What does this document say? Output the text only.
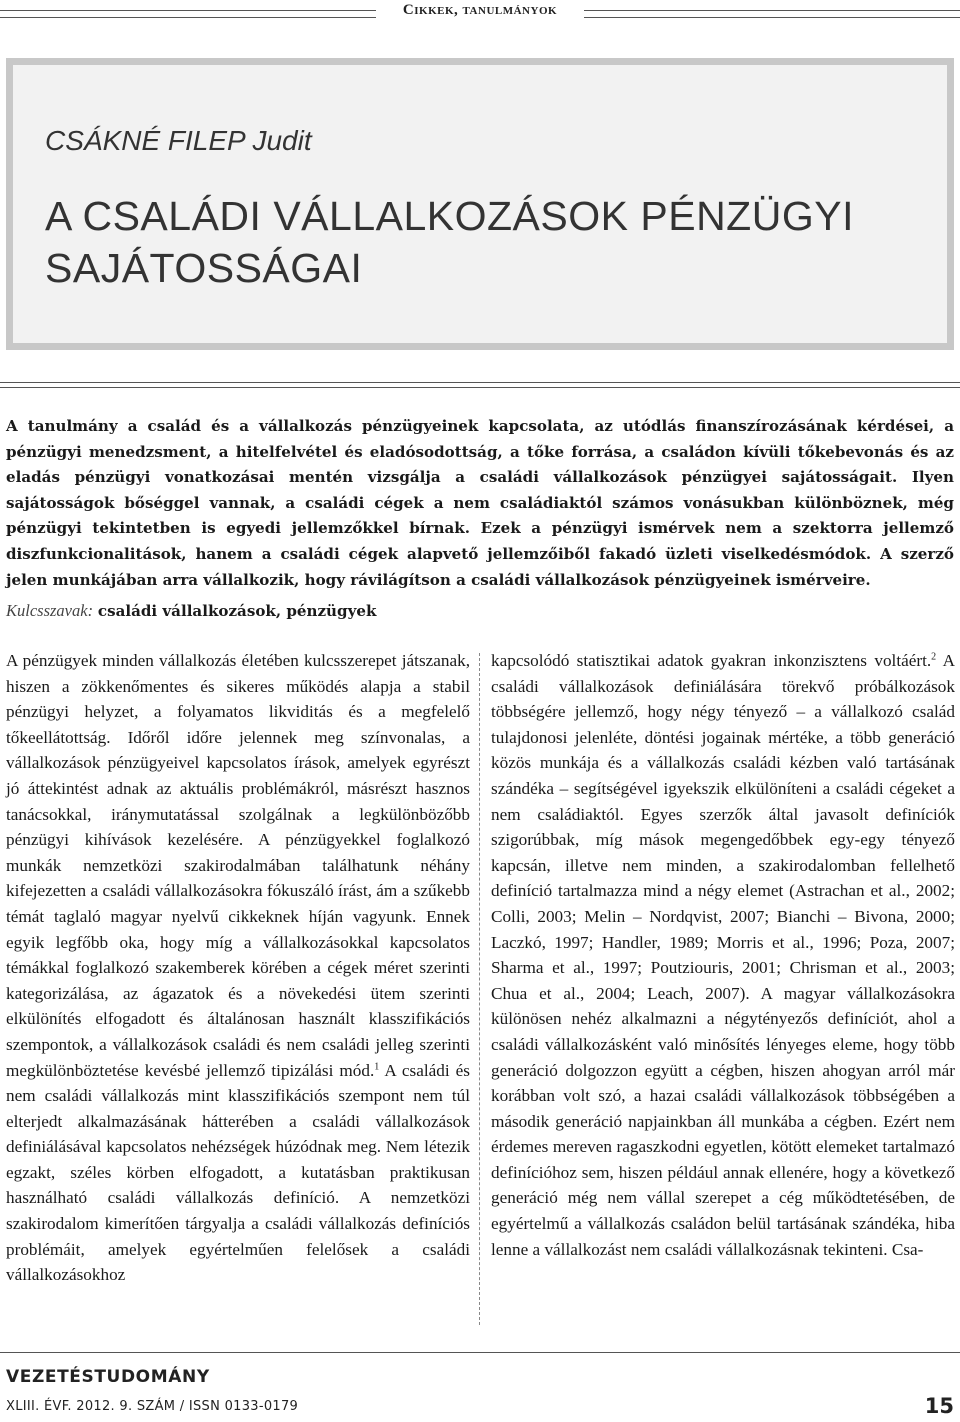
Cikkek, tanulmányok
CSÁKNÉ FILEP Judit
A CSALÁDI VÁLLALKOZÁSOK PÉNZÜGYI SAJÁTOSSÁGAI

A tanulmány a család és a vállalkozás pénzügyeinek kapcsolata, az utódlás finanszírozásának kérdései, a pénzügyi menedzsment, a hitelfelvétel és eladósodottság, a tőke forrása, a családon kívüli tőkebevonás és az eladás pénzügyi vonatkozásai mentén vizsgálja a családi vállalkozások pénzügyei sajátosságait. Ilyen sajátosságok bőséggel vannak, a családi cégek a nem családiaktól számos vonásukban különböznek, még pénzügyi tekintetben is egyedi jellemzőkkel bírnak. Ezek a pénzügyi ismérvek nem a szektorra jellemző diszfunkcionalitások, hanem a családi cégek alapvető jellemzőiből fakadó üzleti viselkedésmódok. A szerző jelen munkájában arra vállalkozik, hogy rávilágítson a családi vállalkozások pénzügyeinek ismérveire.

Kulcsszavak: családi vállalkozások, pénzügyek

A pénzügyek minden vállalkozás életében kulcsszerepet játszanak, hiszen a zökkenőmentes és sikeres működés alapja a stabil pénzügyi helyzet, a folyamatos likviditás és a megfelelő tőkeellátottság. Időről időre jelennek meg színvonalas, a vállalkozások pénzügyeivel kapcsolatos írások, amelyek egyrészt jó áttekintést adnak az aktuális problémákról, másrészt hasznos tanácsokkal, iránymutatással szolgálnak a legkülönbözőbb pénzügyi kihívások kezelésére. A pénzügyekkel foglalkozó munkák nemzetközi szakirodalmában találhatunk néhány kifejezetten a családi vállalkozásokra fókuszáló írást, ám a szűkebb témát taglaló magyar nyelvű cikkeknek híján vagyunk. Ennek egyik legfőbb oka, hogy míg a vállalkozásokkal kapcsolatos témákkal foglalkozó szakemberek körében a cégek méret szerinti kategorizálása, az ágazatok és a növekedési ütem szerinti elkülönítés elfogadott és általánosan használt klasszifikációs szempontok, a vállalkozások családi és nem családi jelleg szerinti megkülönböztetése kevésbé jellemző tipizálási mód.$^1$ A családi és nem családi vállalkozás mint klasszifikációs szempont nem túl elterjedt alkalmazásának hátterében a családi vállalkozások definiálásával kapcsolatos nehézségek húzódnak meg. Nem létezik egzakt, széles körben elfogadott, a kutatásban praktikusan használható családi vállalkozás definíció. A nemzetközi szakirodalom kimerítően tárgyalja a családi vállalkozás definíciós problémáit, amelyek egyértelműen felelősek a családi vállalkozásokhoz
kapcsolódó statisztikai adatok gyakran inkonzisztens voltáért.$^2$ A családi vállalkozások definiálására törekvő próbálkozások többségére jellemző, hogy négy tényező – a vállalkozó család tulajdonosi jelenléte, döntési jogainak mértéke, a több generáció közös munkája és a vállalkozás családi kézben való tartásának szándéka – segítségével igyekszik elkülöníteni a családi cégeket a nem családiaktól. Egyes szerzők által javasolt definíciók szigorúbbak, míg mások megengedőbbek egy-egy tényező kapcsán, illetve nem minden, a szakirodalomban fellelhető definíció tartalmazza mind a négy elemet (Astrachan et al., 2002; Colli, 2003; Melin – Nordqvist, 2007; Bianchi – Bivona, 2000; Laczkó, 1997; Handler, 1989; Morris et al., 1996; Poza, 2007; Sharma et al., 1997; Poutziouris, 2001; Chrisman et al., 2003; Chua et al., 2004; Leach, 2007). A magyar vállalkozásokra különösen nehéz alkalmazni a négytényezős definíciót, ahol a családi vállalkozásként való minősítés lényeges eleme, hogy több generáció dolgozzon együtt a cégben, hiszen ahogyan arról már korábban volt szó, a hazai családi vállalkozások többségében a második generáció napjainkban áll munkába a cégben. Ezért nem érdemes mereven ragaszkodni egyetlen, kötött elemeket tartalmazó definícióhoz sem, hiszen például annak ellenére, hogy a következő generáció még nem vállal szerepet a cég működtetésében, de egyértelmű a vállalkozás családon belül tartásának szándéka, hiba lenne a vállalkozást nem családi vállalkozásnak tekinteni. Csa-
VEZETÉSTUDOMÁNY
XLIII. ÉVF. 2012. 9. SZÁM / ISSN 0133-0179	15
